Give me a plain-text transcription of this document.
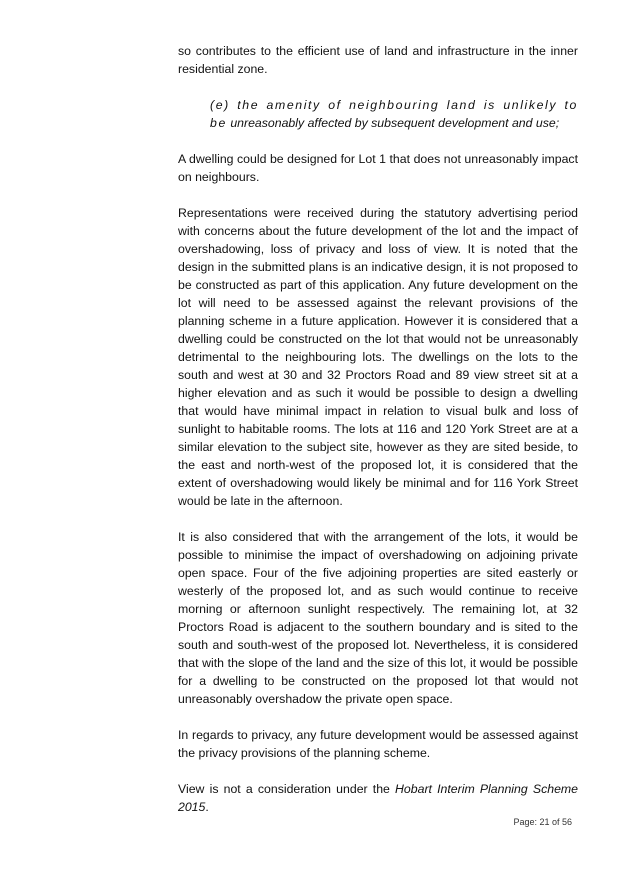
so contributes to the efficient use of land and infrastructure in the inner residential zone.

(e) the amenity of neighbouring land is unlikely to be unreasonably affected by subsequent development and use;

A dwelling could be designed for Lot 1 that does not unreasonably impact on neighbours.

Representations were received during the statutory advertising period with concerns about the future development of the lot and the impact of overshadowing, loss of privacy and loss of view. It is noted that the design in the submitted plans is an indicative design, it is not proposed to be constructed as part of this application. Any future development on the lot will need to be assessed against the relevant provisions of the planning scheme in a future application. However it is considered that a dwelling could be constructed on the lot that would not be unreasonably detrimental to the neighbouring lots. The dwellings on the lots to the south and west at 30 and 32 Proctors Road and 89 view street sit at a higher elevation and as such it would be possible to design a dwelling that would have minimal impact in relation to visual bulk and loss of sunlight to habitable rooms. The lots at 116 and 120 York Street are at a similar elevation to the subject site, however as they are sited beside, to the east and north-west of the proposed lot, it is considered that the extent of overshadowing would likely be minimal and for 116 York Street would be late in the afternoon.

It is also considered that with the arrangement of the lots, it would be possible to minimise the impact of overshadowing on adjoining private open space. Four of the five adjoining properties are sited easterly or westerly of the proposed lot, and as such would continue to receive morning or afternoon sunlight respectively. The remaining lot, at 32 Proctors Road is adjacent to the southern boundary and is sited to the south and south-west of the proposed lot. Nevertheless, it is considered that with the slope of the land and the size of this lot, it would be possible for a dwelling to be constructed on the proposed lot that would not unreasonably overshadow the private open space.

In regards to privacy, any future development would be assessed against the privacy provisions of the planning scheme.

View is not a consideration under the Hobart Interim Planning Scheme 2015.

Page: 21 of 56
